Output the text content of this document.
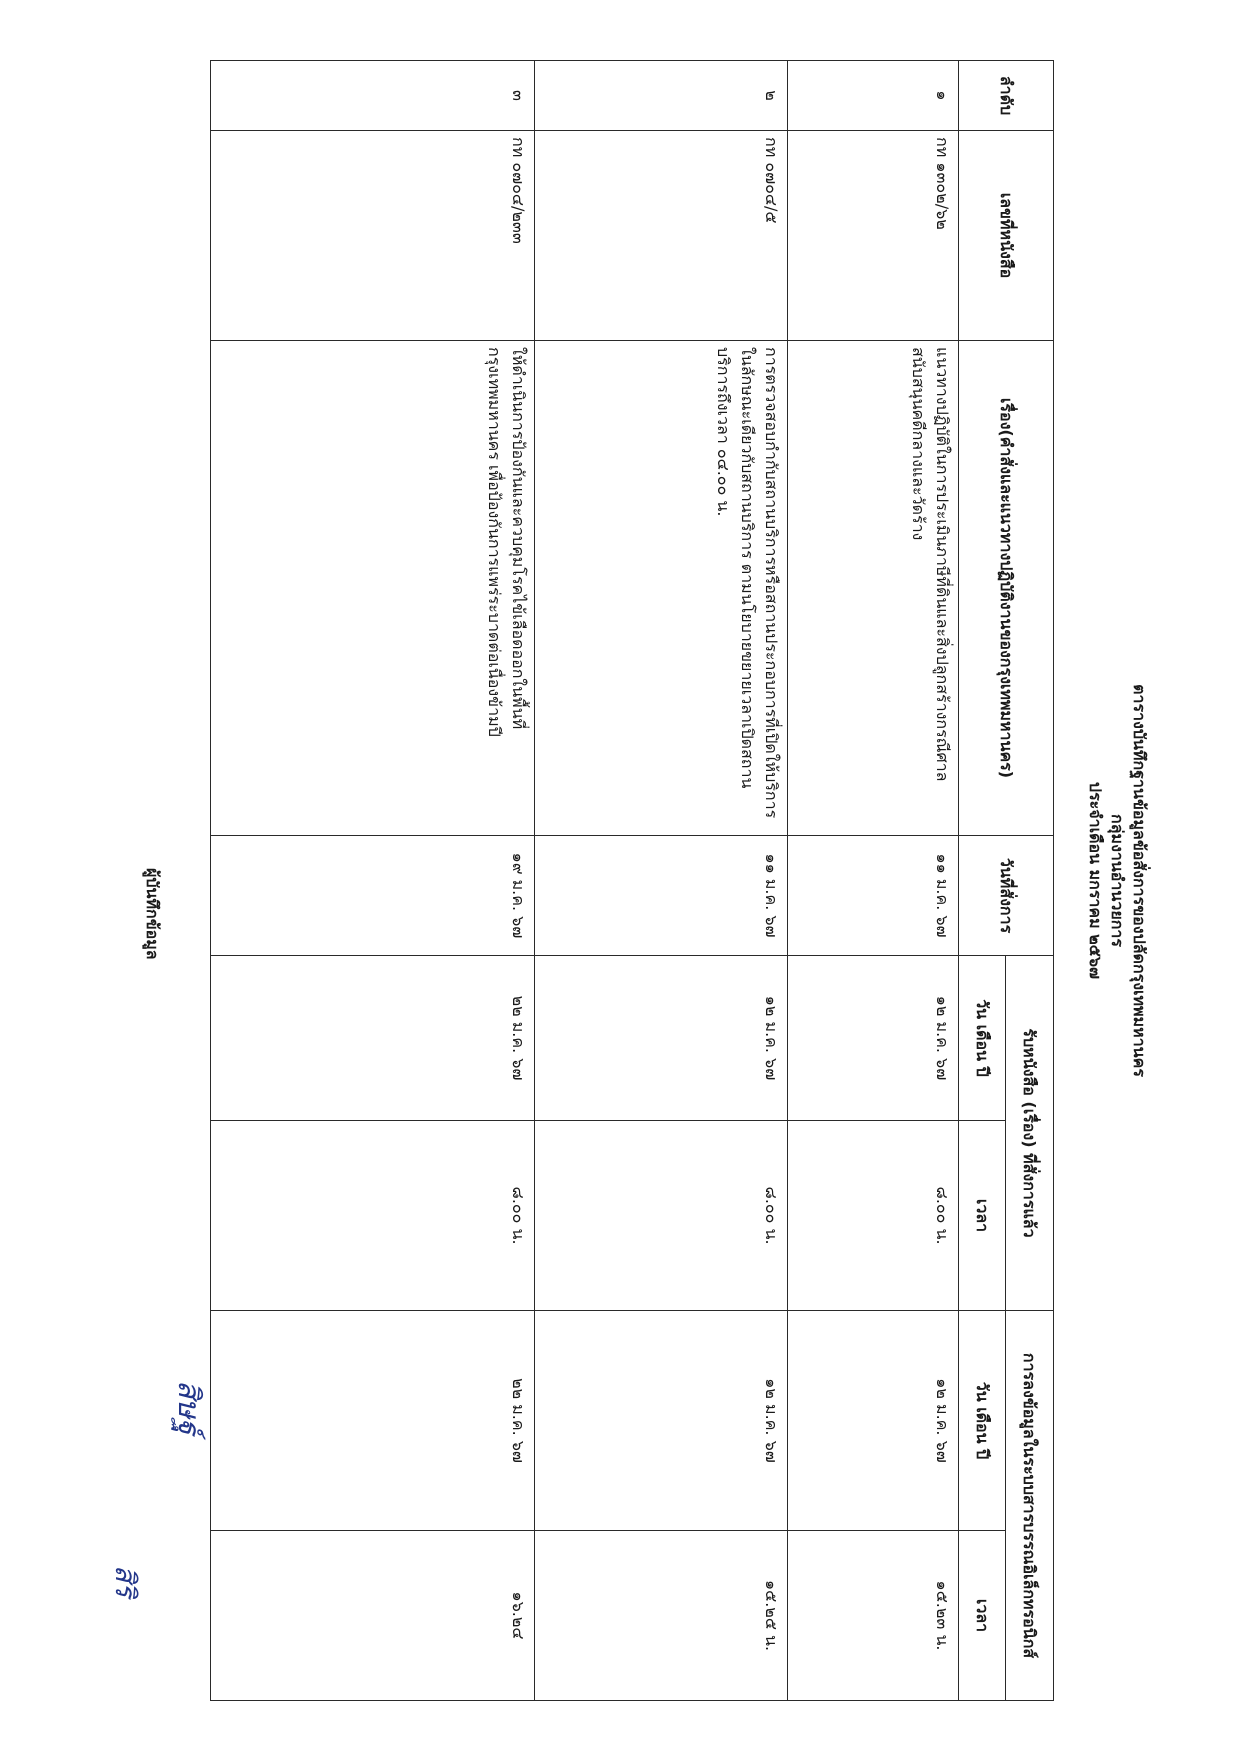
ตารางบันทึกฐานข้อมูลข้อสั่งการของปลัดกรุงเทพมหานคร
กลุ่มงานอำนวยการ
ประจำเดือน มกราคม ๒๕๖๗
ลำดับ	เลขที่หนังสือ	เรื่อง(คำสั่งและแนวทางปฏิบัติงานของกรุงเทพมหานคร)	วันที่สั่งการ	รับหนังสือ (เรื่อง) ที่สั่งการแล้ว		การลงข้อมูลในระบบสารบรรณอิเล็กทรอนิกส์	
				วัน เดือน ปี	เวลา	วัน เดือน ปี	เวลา
๑	กท ๑๓๐๒/๖๒	แนวทางปฏิบัติในการประเมินภาษีที่ดินและสิ่งปลูกสร้างกรณีศาลสนับสนุนคดีกลางและวัดร้าง	๑๑ ม.ค. ๖๗	๑๒ ม.ค. ๖๗	๘.๐๐ น.	๑๒ ม.ค. ๖๗	๑๕.๒๓ น.
๒	กท ๐๗๐๔/๕	การตรวจสอบกำกับสถานบริการหรือสถานประกอบการที่เปิดให้บริการในลักษณะเดียวกับสถานบริการ ตามนโยบายขยายเวลาเปิดสถานบริการถึงเวลา ๐๔.๐๐ น.	๑๑ ม.ค. ๖๗	๑๒ ม.ค. ๖๗	๘.๐๐ น.	๑๒ ม.ค. ๖๗	๑๕.๒๕ น.
๓	กท ๐๗๐๔/๒๓๓	ให้ดำเนินการป้องกันและควบคุมโรคไข้เลือดออกในพื้นที่กรุงเทพมหานคร เพื่อป้องกันการแพร่ระบาดต่อเนื่องข้ามปี	๑๙ ม.ค. ๖๗	๒๒ ม.ค. ๖๗	๘.๐๐ น.	๒๒ ม.ค. ๖๗	๑๖.๒๔
ผู้บันทึกข้อมูล
สิษฐ์
สิริ
